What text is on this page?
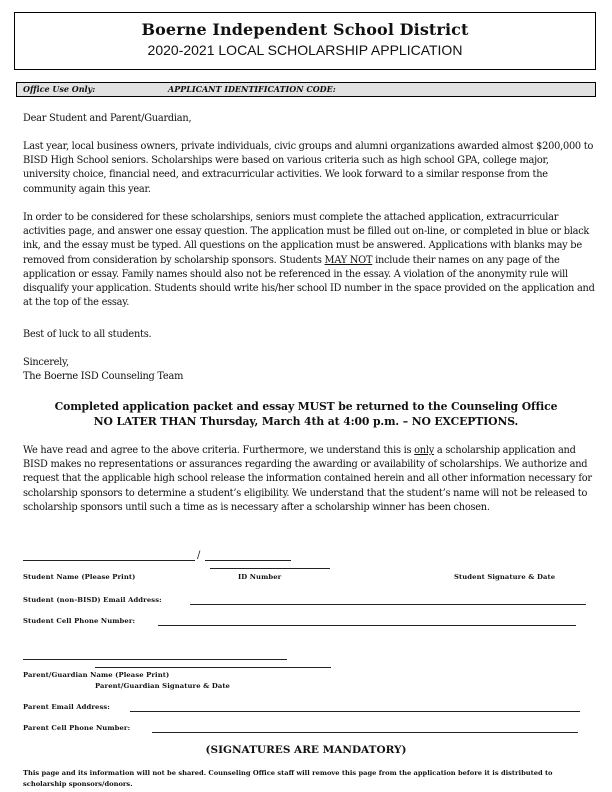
Boerne Independent School District
2020-2021 LOCAL SCHOLARSHIP APPLICATION
Office Use Only:	APPLICANT IDENTIFICATION CODE:

Dear Student and Parent/Guardian,

Last year, local business owners, private individuals, civic groups and alumni organizations awarded almost $200,000 to BISD High School seniors. Scholarships were based on various criteria such as high school GPA, college major, university choice, financial need, and extracurricular activities. We look forward to a similar response from the community again this year.

In order to be considered for these scholarships, seniors must complete the attached application, extracurricular activities page, and answer one essay question. The application must be filled out on-line, or completed in blue or black ink, and the essay must be typed. All questions on the application must be answered. Applications with blanks may be removed from consideration by scholarship sponsors. Students MAY NOT include their names on any page of the application or essay. Family names should also not be referenced in the essay. A violation of the anonymity rule will disqualify your application. Students should write his/her school ID number in the space provided on the application and at the top of the essay.

Best of luck to all students.

Sincerely,

The Boerne ISD Counseling Team

Completed application packet and essay MUST be returned to the Counseling Office
NO LATER THAN Thursday, March 4th at 4:00 p.m. – NO EXCEPTIONS.

We have read and agree to the above criteria. Furthermore, we understand this is only a scholarship application and BISD makes no representations or assurances regarding the awarding or availability of scholarships. We authorize and request that the applicable high school release the information contained herein and all other information necessary for scholarship sponsors to determine a student’s eligibility. We understand that the student’s name will not be released to scholarship sponsors until such a time as is necessary after a scholarship winner has been chosen.

/
Student Name (Please Print)	ID Number	Student Signature & Date
Student (non-BISD) Email Address:
Student Cell Phone Number:
Parent/Guardian Name (Please Print)
Parent/Guardian Signature & Date
Parent Email Address:
Parent Cell Phone Number:
(SIGNATURES ARE MANDATORY)
This page and its information will not be shared. Counseling Office staff will remove this page from the application before it is distributed to scholarship sponsors/donors.
